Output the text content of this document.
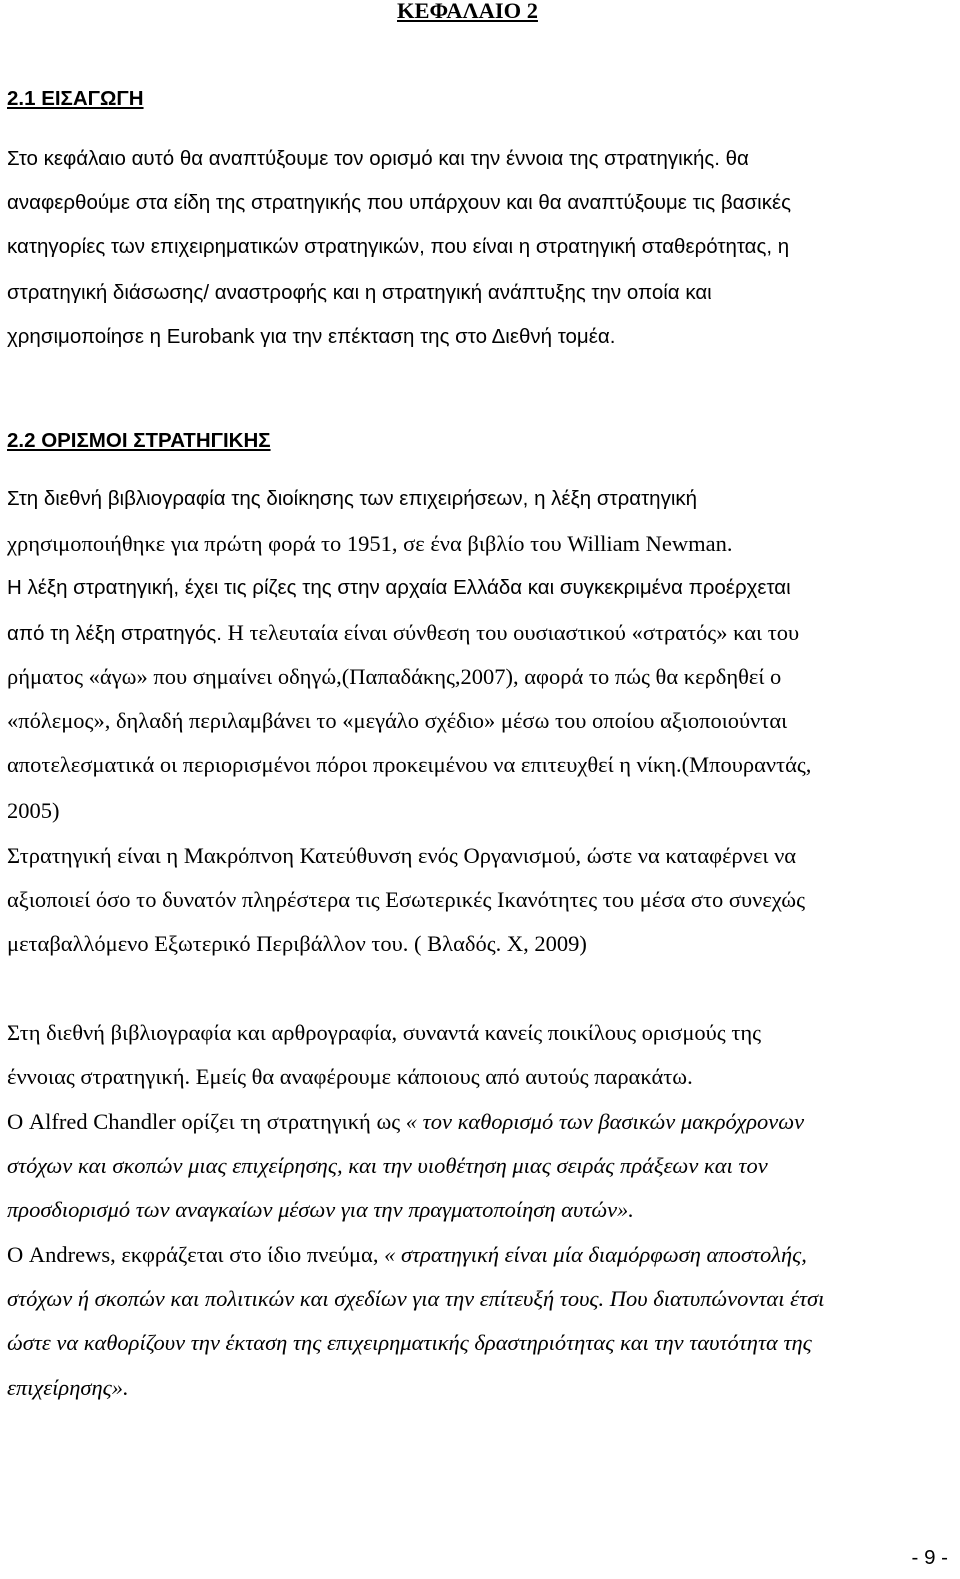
ΚΕΦΑΛΑΙΟ 2
2.1 ΕΙΣΑΓΩΓΗ
Στο κεφάλαιο αυτό θα αναπτύξουμε τον ορισμό και την έννοια της στρατηγικής. θα
αναφερθούμε στα είδη της στρατηγικής που υπάρχουν και θα αναπτύξουμε τις βασικές
κατηγορίες των επιχειρηματικών στρατηγικών, που είναι η στρατηγική σταθερότητας, η
στρατηγική διάσωσης/ αναστροφής και η στρατηγική ανάπτυξης την οποία και
χρησιμοποίησε η Eurobank για την επέκταση της στο Διεθνή τομέα.
2.2 ΟΡΙΣΜΟΙ ΣΤΡΑΤΗΓΙΚΗΣ
Στη διεθνή βιβλιογραφία της διοίκησης των επιχειρήσεων, η λέξη στρατηγική
χρησιμοποιήθηκε για πρώτη φορά το 1951, σε ένα βιβλίο του William Newman.
Η λέξη στρατηγική, έχει τις ρίζες της στην αρχαία Ελλάδα και συγκεκριμένα προέρχεται
από τη λέξη στρατηγός. Η τελευταία είναι σύνθεση του ουσιαστικού «στρατός» και του
ρήματος «άγω» που σημαίνει οδηγώ,(Παπαδάκης,2007), αφορά το πώς θα κερδηθεί ο
«πόλεμος», δηλαδή περιλαμβάνει το «μεγάλο σχέδιο» μέσω του οποίου αξιοποιούνται
αποτελεσματικά οι περιορισμένοι πόροι προκειμένου να επιτευχθεί η νίκη.(Μπουραντάς,
2005)
Στρατηγική είναι η Μακρόπνοη Κατεύθυνση ενός Οργανισμού, ώστε να καταφέρνει να
αξιοποιεί όσο το δυνατόν πληρέστερα τις Εσωτερικές Ικανότητες του μέσα στο συνεχώς
μεταβαλλόμενο Εξωτερικό Περιβάλλον του. ( Βλαδός. Χ, 2009)
Στη διεθνή βιβλιογραφία και αρθρογραφία, συναντά κανείς ποικίλους ορισμούς της
έννοιας στρατηγική. Εμείς θα αναφέρουμε κάποιους από αυτούς παρακάτω.
Ο Alfred Chandler ορίζει τη στρατηγική ως « τον καθορισμό των βασικών μακρόχρονων
στόχων και σκοπών μιας επιχείρησης, και την υιοθέτηση μιας σειράς πράξεων και τον
προσδιορισμό των αναγκαίων μέσων για την πραγματοποίηση αυτών».
Ο Andrews, εκφράζεται στο ίδιο πνεύμα, « στρατηγική είναι μία διαμόρφωση αποστολής,
στόχων ή σκοπών και πολιτικών και σχεδίων για την επίτευξή τους. Που διατυπώνονται έτσι
ώστε να καθορίζουν την έκταση της επιχειρηματικής δραστηριότητας και την ταυτότητα της
επιχείρησης».
- 9 -
